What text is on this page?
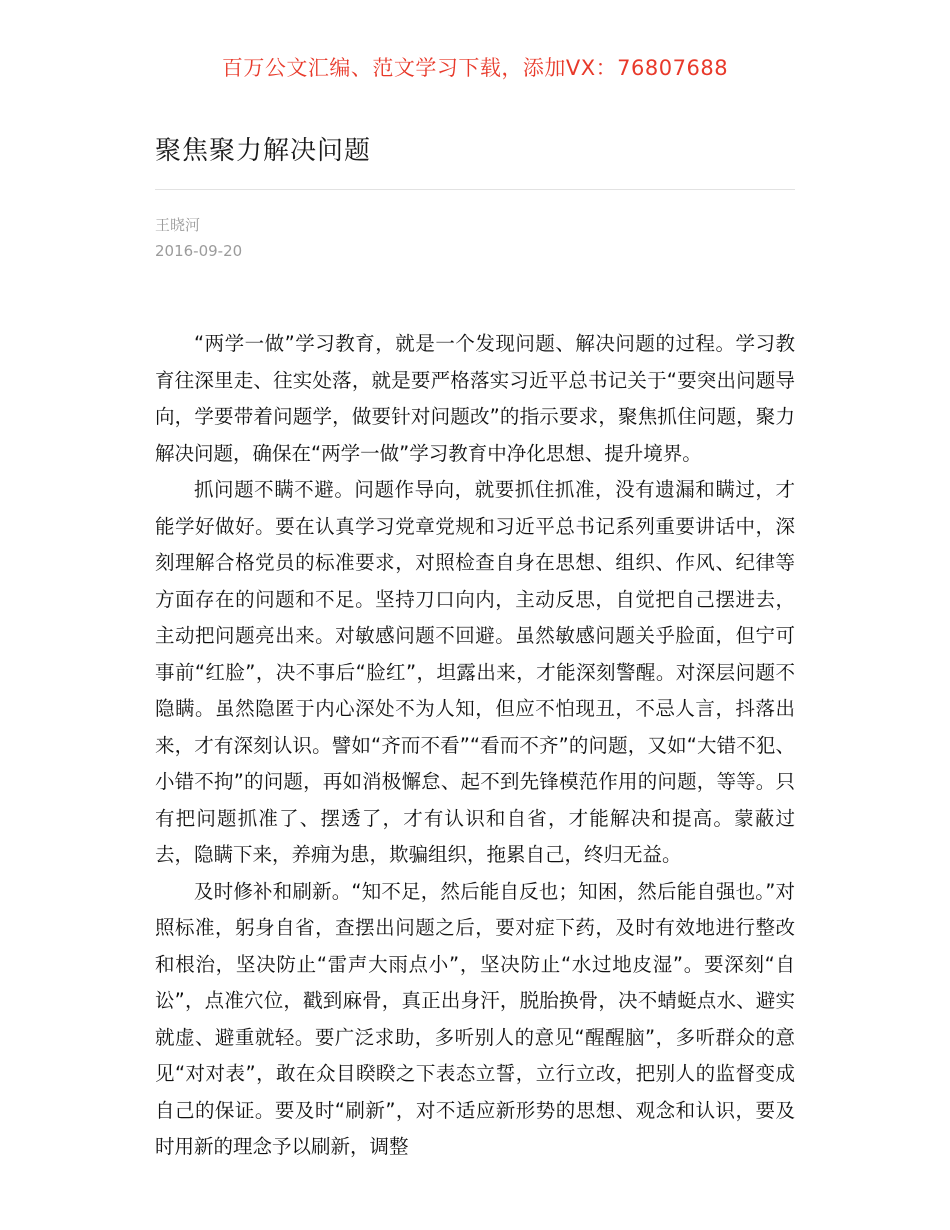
百万公文汇编、范文学习下载，添加VX：76807688
聚焦聚力解决问题
王晓河
2016-09-20

“两学一做”学习教育，就是一个发现问题、解决问题的过程。学习教育往深里走、往实处落，就是要严格落实习近平总书记关于“要突出问题导向，学要带着问题学，做要针对问题改”的指示要求，聚焦抓住问题，聚力解决问题，确保在“两学一做”学习教育中净化思想、提升境界。

抓问题不瞒不避。问题作导向，就要抓住抓准，没有遗漏和瞒过，才能学好做好。要在认真学习党章党规和习近平总书记系列重要讲话中，深刻理解合格党员的标准要求，对照检查自身在思想、组织、作风、纪律等方面存在的问题和不足。坚持刀口向内，主动反思，自觉把自己摆进去，主动把问题亮出来。对敏感问题不回避。虽然敏感问题关乎脸面，但宁可事前“红脸”，决不事后“脸红”，坦露出来，才能深刻警醒。对深层问题不隐瞒。虽然隐匿于内心深处不为人知，但应不怕现丑，不忌人言，抖落出来，才有深刻认识。譬如“齐而不看”“看而不齐”的问题，又如“大错不犯、小错不拘”的问题，再如消极懈怠、起不到先锋模范作用的问题，等等。只有把问题抓准了、摆透了，才有认识和自省，才能解决和提高。蒙蔽过去，隐瞒下来，养痈为患，欺骗组织，拖累自己，终归无益。

及时修补和刷新。“知不足，然后能自反也；知困，然后能自强也。”对照标准，躬身自省，查摆出问题之后，要对症下药，及时有效地进行整改和根治，坚决防止“雷声大雨点小”，坚决防止“水过地皮湿”。要深刻“自讼”，点准穴位，戳到麻骨，真正出身汗，脱胎换骨，决不蜻蜓点水、避实就虚、避重就轻。要广泛求助，多听别人的意见“醒醒脑”，多听群众的意见“对对表”，敢在众目睽睽之下表态立誓，立行立改，把别人的监督变成自己的保证。要及时“刷新”，对不适应新形势的思想、观念和认识，要及时用新的理念予以刷新，调整
